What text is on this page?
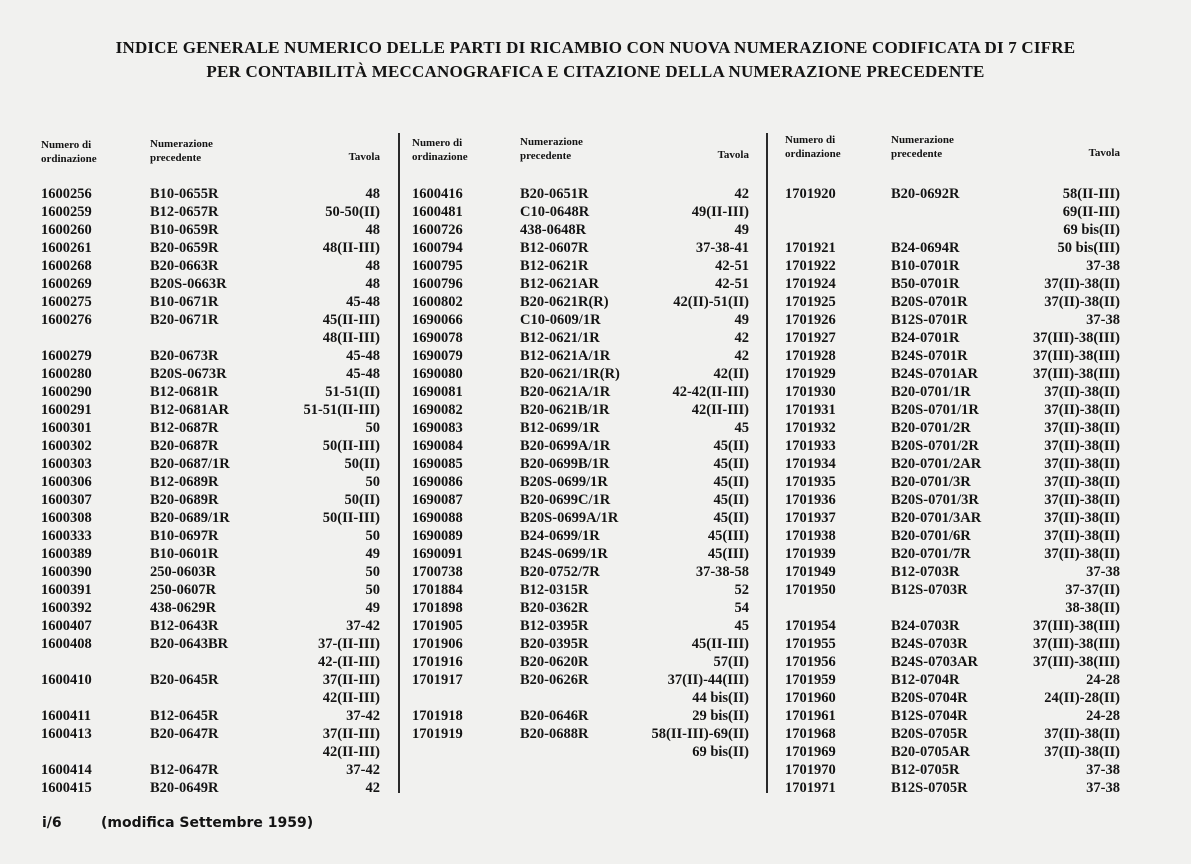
INDICE GENERALE NUMERICO DELLE PARTI DI RICAMBIO CON NUOVA NUMERAZIONE CODIFICATA DI 7 CIFRE
PER CONTABILITÀ MECCANOGRAFICA E CITAZIONE DELLA NUMERAZIONE PRECEDENTE
Numero di
ordinazione
Numerazione
precedente	Tavola
1600256	B10-0655R	48
1600259	B12-0657R	50-50(II)
1600260	B10-0659R	48
1600261	B20-0659R	48(II-III)
1600268	B20-0663R	48
1600269	B20S-0663R	48
1600275	B10-0671R	45-48
1600276	B20-0671R	45(II-III)
48(II-III)
1600279	B20-0673R	45-48
1600280	B20S-0673R	45-48
1600290	B12-0681R	51-51(II)
1600291	B12-0681AR	51-51(II-III)
1600301	B12-0687R	50
1600302	B20-0687R	50(II-III)
1600303	B20-0687/1R	50(II)
1600306	B12-0689R	50
1600307	B20-0689R	50(II)
1600308	B20-0689/1R	50(II-III)
1600333	B10-0697R	50
1600389	B10-0601R	49
1600390	250-0603R	50
1600391	250-0607R	50
1600392	438-0629R	49
1600407	B12-0643R	37-42
1600408	B20-0643BR	37-(II-III)
42-(II-III)
1600410	B20-0645R	37(II-III)
42(II-III)
1600411	B12-0645R	37-42
1600413	B20-0647R	37(II-III)
42(II-III)
1600414	B12-0647R	37-42
1600415	B20-0649R	42
Numero di
ordinazione
Numerazione
precedente	Tavola
1600416	B20-0651R	42
1600481	C10-0648R	49(II-III)
1600726	438-0648R	49
1600794	B12-0607R	37-38-41
1600795	B12-0621R	42-51
1600796	B12-0621AR	42-51
1600802	B20-0621R(R)	42(II)-51(II)
1690066	C10-0609/1R	49
1690078	B12-0621/1R	42
1690079	B12-0621A/1R	42
1690080	B20-0621/1R(R)	42(II)
1690081	B20-0621A/1R	42-42(II-III)
1690082	B20-0621B/1R	42(II-III)
1690083	B12-0699/1R	45
1690084	B20-0699A/1R	45(II)
1690085	B20-0699B/1R	45(II)
1690086	B20S-0699/1R	45(II)
1690087	B20-0699C/1R	45(II)
1690088	B20S-0699A/1R	45(II)
1690089	B24-0699/1R	45(III)
1690091	B24S-0699/1R	45(III)
1700738	B20-0752/7R	37-38-58
1701884	B12-0315R	52
1701898	B20-0362R	54
1701905	B12-0395R	45
1701906	B20-0395R	45(II-III)
1701916	B20-0620R	57(II)
1701917	B20-0626R	37(II)-44(III)
44 bis(II)
1701918	B20-0646R	29 bis(II)
1701919	B20-0688R	58(II-III)-69(II)
69 bis(II)
Numero di
ordinazione
Numerazione
precedente	Tavola
1701920	B20-0692R	58(II-III)
69(II-III)
69 bis(II)
1701921	B24-0694R	50 bis(III)
1701922	B10-0701R	37-38
1701924	B50-0701R	37(II)-38(II)
1701925	B20S-0701R	37(II)-38(II)
1701926	B12S-0701R	37-38
1701927	B24-0701R	37(III)-38(III)
1701928	B24S-0701R	37(III)-38(III)
1701929	B24S-0701AR	37(III)-38(III)
1701930	B20-0701/1R	37(II)-38(II)
1701931	B20S-0701/1R	37(II)-38(II)
1701932	B20-0701/2R	37(II)-38(II)
1701933	B20S-0701/2R	37(II)-38(II)
1701934	B20-0701/2AR	37(II)-38(II)
1701935	B20-0701/3R	37(II)-38(II)
1701936	B20S-0701/3R	37(II)-38(II)
1701937	B20-0701/3AR	37(II)-38(II)
1701938	B20-0701/6R	37(II)-38(II)
1701939	B20-0701/7R	37(II)-38(II)
1701949	B12-0703R	37-38
1701950	B12S-0703R	37-37(II)
38-38(II)
1701954	B24-0703R	37(III)-38(III)
1701955	B24S-0703R	37(III)-38(III)
1701956	B24S-0703AR	37(III)-38(III)
1701959	B12-0704R	24-28
1701960	B20S-0704R	24(II)-28(II)
1701961	B12S-0704R	24-28
1701968	B20S-0705R	37(II)-38(II)
1701969	B20-0705AR	37(II)-38(II)
1701970	B12-0705R	37-38
1701971	B12S-0705R	37-38
i/6	(modifica Settembre 1959)
